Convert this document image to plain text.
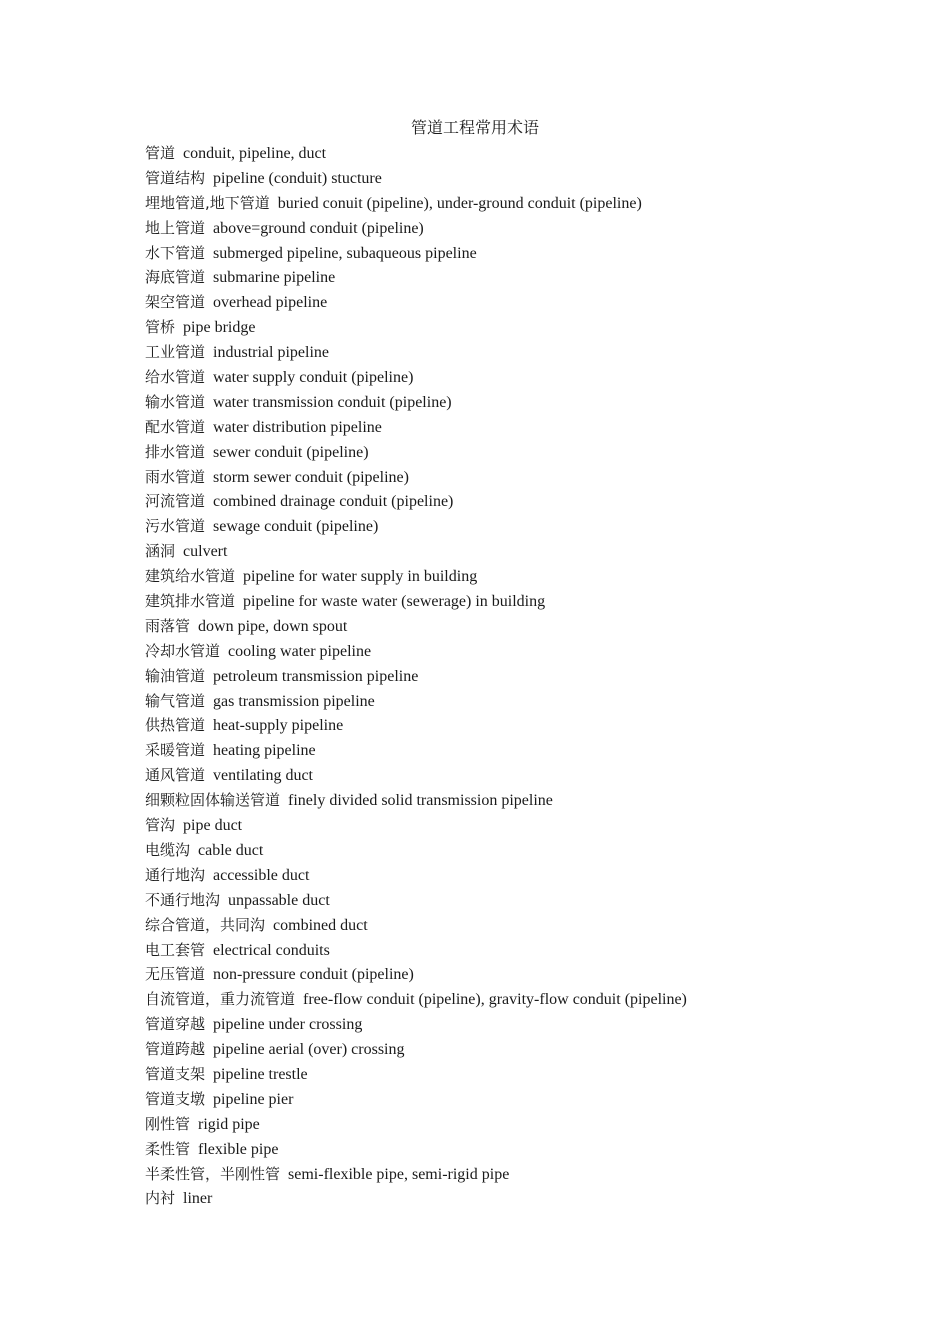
管道工程常用术语
管道 conduit, pipeline, duct
管道结构 pipeline (conduit) stucture
埋地管道,地下管道 buried conuit (pipeline), under-ground conduit (pipeline)
地上管道 above=ground conduit (pipeline)
水下管道 submerged pipeline, subaqueous pipeline
海底管道 submarine pipeline
架空管道 overhead pipeline
管桥 pipe bridge
工业管道 industrial pipeline
给水管道 water supply conduit (pipeline)
输水管道 water transmission conduit (pipeline)
配水管道 water distribution pipeline
排水管道 sewer conduit (pipeline)
雨水管道 storm sewer conduit (pipeline)
河流管道 combined drainage conduit (pipeline)
污水管道 sewage conduit (pipeline)
涵洞 culvert
建筑给水管道 pipeline for water supply in building
建筑排水管道 pipeline for waste water (sewerage) in building
雨落管 down pipe, down spout
冷却水管道 cooling water pipeline
输油管道 petroleum transmission pipeline
输气管道 gas transmission pipeline
供热管道 heat-supply pipeline
采暖管道 heating pipeline
通风管道 ventilating duct
细颗粒固体输送管道 finely divided solid transmission pipeline
管沟 pipe duct
电缆沟 cable duct
通行地沟 accessible duct
不通行地沟 unpassable duct
综合管道，共同沟 combined duct
电工套管 electrical conduits
无压管道 non-pressure conduit (pipeline)
自流管道，重力流管道 free-flow conduit (pipeline), gravity-flow conduit (pipeline)
管道穿越 pipeline under crossing
管道跨越 pipeline aerial (over) crossing
管道支架 pipeline trestle
管道支墩 pipeline pier
刚性管 rigid pipe
柔性管 flexible pipe
半柔性管，半刚性管 semi-flexible pipe, semi-rigid pipe
内衬 liner
